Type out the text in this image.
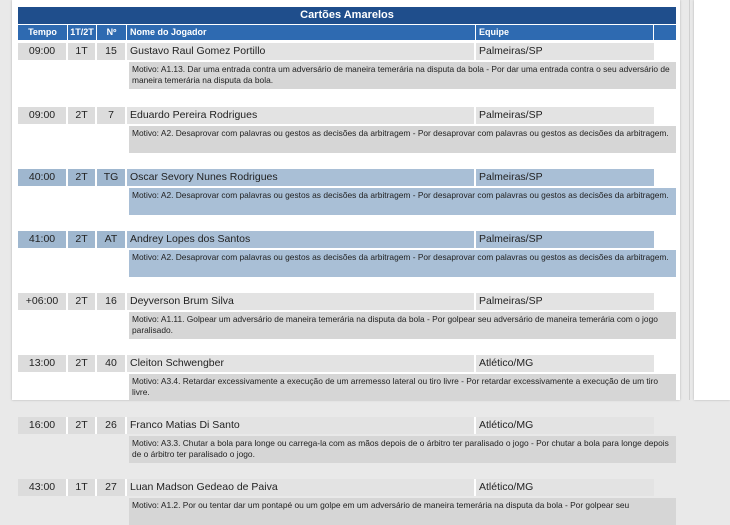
Cartões Amarelos
Tempo	1T/2T	Nº	Nome do Jogador	Equipe
09:00	1T	15	Gustavo Raul Gomez Portillo	Palmeiras/SP
Motivo: A1.13. Dar uma entrada contra um adversário de maneira temerária na disputa da bola - Por dar uma entrada contra o seu adversário de maneira temerária na disputa da bola.
09:00	2T	7	Eduardo Pereira Rodrigues	Palmeiras/SP
Motivo: A2. Desaprovar com palavras ou gestos as decisões da arbitragem - Por desaprovar com palavras ou gestos as decisões da arbitragem.
40:00	2T	TG	Oscar Sevory Nunes Rodrigues	Palmeiras/SP
Motivo: A2. Desaprovar com palavras ou gestos as decisões da arbitragem - Por desaprovar com palavras ou gestos as decisões da arbitragem.
41:00	2T	AT	Andrey Lopes dos Santos	Palmeiras/SP
Motivo: A2. Desaprovar com palavras ou gestos as decisões da arbitragem - Por desaprovar com palavras ou gestos as decisões da arbitragem.
+06:00	2T	16	Deyverson Brum Silva	Palmeiras/SP
Motivo: A1.11. Golpear um adversário de maneira temerária na disputa da bola - Por golpear seu adversário de maneira temerária com o jogo paralisado.
13:00	2T	40	Cleiton Schwengber	Atlético/MG
Motivo: A3.4. Retardar excessivamente a execução de um arremesso lateral ou tiro livre - Por retardar excessivamente a execução de um tiro livre.
16:00	2T	26	Franco Matias Di Santo	Atlético/MG
Motivo: A3.3. Chutar a bola para longe ou carrega-la com as mãos depois de o árbitro ter paralisado o jogo - Por chutar a bola para longe depois de o árbitro ter paralisado o jogo.
43:00	1T	27	Luan Madson Gedeao de Paiva	Atlético/MG
Motivo: A1.2. Por ou tentar dar um pontapé ou um golpe em um adversário de maneira temerária na disputa da bola - Por golpear seu
